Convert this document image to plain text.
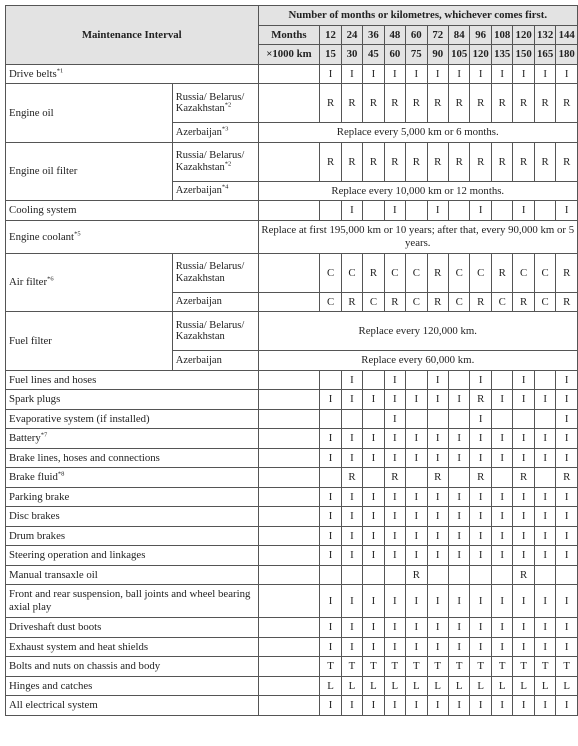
Maintenance Interval		Number of months or kilometres, whichever comes first.												
		Months	12	24	36	48	60	72	84	96	108	120	132	144
		×1000 km	15	30	45	60	75	90	105	120	135	150	165	180
Drive belts$^{*1}$			I	I	I	I	I	I	I	I	I	I	I	I
Engine oil	Russia/ Belarus/ Kazakhstan$^{*2}$		R	R	R	R	R	R	R	R	R	R	R	R
	Azerbaijan$^{*3}$	Replace every 5,000 km or 6 months.												
Engine oil filter	Russia/ Belarus/ Kazakhstan$^{*2}$		R	R	R	R	R	R	R	R	R	R	R	R
	Azerbaijan$^{*4}$	Replace every 10,000 km or 12 months.												
Cooling system				I		I		I		I		I		I
Engine coolant$^{*5}$		Replace at first 195,000 km or 10 years; after that, every 90,000 km or 5 years.												
Air filter$^{*6}$	Russia/ Belarus/ Kazakhstan		C	C	R	C	C	R	C	C	R	C	C	R
	Azerbaijan		C	R	C	R	C	R	C	R	C	R	C	R
Fuel filter	Russia/ Belarus/ Kazakhstan	Replace every 120,000 km.												
	Azerbaijan	Replace every 60,000 km.												
Fuel lines and hoses				I		I		I		I		I		I
Spark plugs			I	I	I	I	I	I	I	R	I	I	I	I
Evaporative system (if installed)						I				I				I
Battery$^{*7}$			I	I	I	I	I	I	I	I	I	I	I	I
Brake lines, hoses and connections			I	I	I	I	I	I	I	I	I	I	I	I
Brake fluid$^{*8}$				R		R		R		R		R		R
Parking brake			I	I	I	I	I	I	I	I	I	I	I	I
Disc brakes			I	I	I	I	I	I	I	I	I	I	I	I
Drum brakes			I	I	I	I	I	I	I	I	I	I	I	I
Steering operation and linkages			I	I	I	I	I	I	I	I	I	I	I	I
Manual transaxle oil							R					R		
Front and rear suspension, ball joints and wheel bearing axial play			I	I	I	I	I	I	I	I	I	I	I	I
Driveshaft dust boots			I	I	I	I	I	I	I	I	I	I	I	I
Exhaust system and heat shields			I	I	I	I	I	I	I	I	I	I	I	I
Bolts and nuts on chassis and body			T	T	T	T	T	T	T	T	T	T	T	T
Hinges and catches			L	L	L	L	L	L	L	L	L	L	L	L
All electrical system			I	I	I	I	I	I	I	I	I	I	I	I
